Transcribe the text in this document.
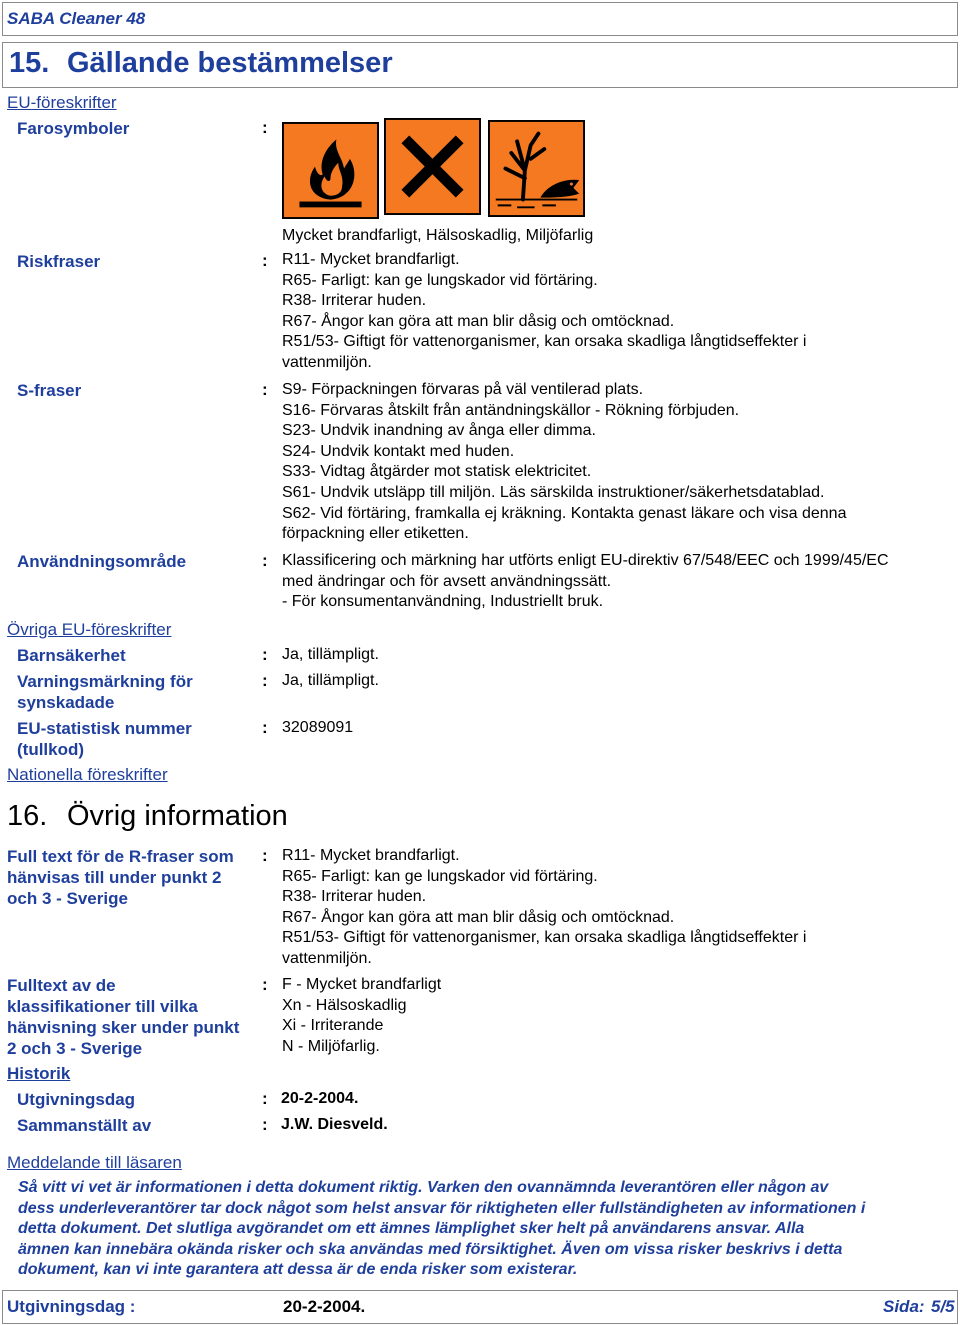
SABA Cleaner 48
15. Gällande bestämmelser
EU-föreskrifter
Farosymboler	:
Mycket brandfarligt, Hälsoskadlig, Miljöfarlig
Riskfraser	: R11- Mycket brandfarligt.
R65- Farligt: kan ge lungskador vid förtäring.
R38- Irriterar huden.
R67- Ångor kan göra att man blir dåsig och omtöcknad.
R51/53- Giftigt för vattenorganismer, kan orsaka skadliga långtidseffekter i
vattenmiljön.
S-fraser	: S9- Förpackningen förvaras på väl ventilerad plats.
S16- Förvaras åtskilt från antändningskällor - Rökning förbjuden.
S23- Undvik inandning av ånga eller dimma.
S24- Undvik kontakt med huden.
S33- Vidtag åtgärder mot statisk elektricitet.
S61- Undvik utsläpp till miljön. Läs särskilda instruktioner/säkerhetsdatablad.
S62- Vid förtäring, framkalla ej kräkning. Kontakta genast läkare och visa denna
förpackning eller etiketten.
Användningsområde	: Klassificering och märkning har utförts enligt EU-direktiv 67/548/EEC och 1999/45/EC
med ändringar och för avsett användningssätt.
- För konsumentanvändning, Industriellt bruk.
Övriga EU-föreskrifter
Barnsäkerhet	: Ja, tillämpligt.
Varningsmärkning för
synskadade
: Ja, tillämpligt.
EU-statistisk nummer
(tullkod)
: 32089091
Nationella föreskrifter
16. Övrig information
Full text för de R-fraser som
hänvisas till under punkt 2
och 3 - Sverige
: R11- Mycket brandfarligt.
R65- Farligt: kan ge lungskador vid förtäring.
R38- Irriterar huden.
R67- Ångor kan göra att man blir dåsig och omtöcknad.
R51/53- Giftigt för vattenorganismer, kan orsaka skadliga långtidseffekter i
vattenmiljön.
Fulltext av de
klassifikationer till vilka
hänvisning sker under punkt
2 och 3 - Sverige
: F - Mycket brandfarligt
Xn - Hälsoskadlig
Xi - Irriterande
N - Miljöfarlig.
Historik
Utgivningsdag	: 20-2-2004.
Sammanställt av	: J.W. Diesveld.
Meddelande till läsaren
Så vitt vi vet är informationen i detta dokument riktig. Varken den ovannämnda leverantören eller någon av
dess underleverantörer tar dock något som helst ansvar för riktigheten eller fullständigheten av informationen i
detta dokument. Det slutliga avgörandet om ett ämnes lämplighet sker helt på användarens ansvar. Alla
ämnen kan innebära okända risker och ska användas med försiktighet. Även om vissa risker beskrivs i detta
dokument, kan vi inte garantera att dessa är de enda risker som existerar.
Utgivningsdag :	20-2-2004.	Sida: 5/5
